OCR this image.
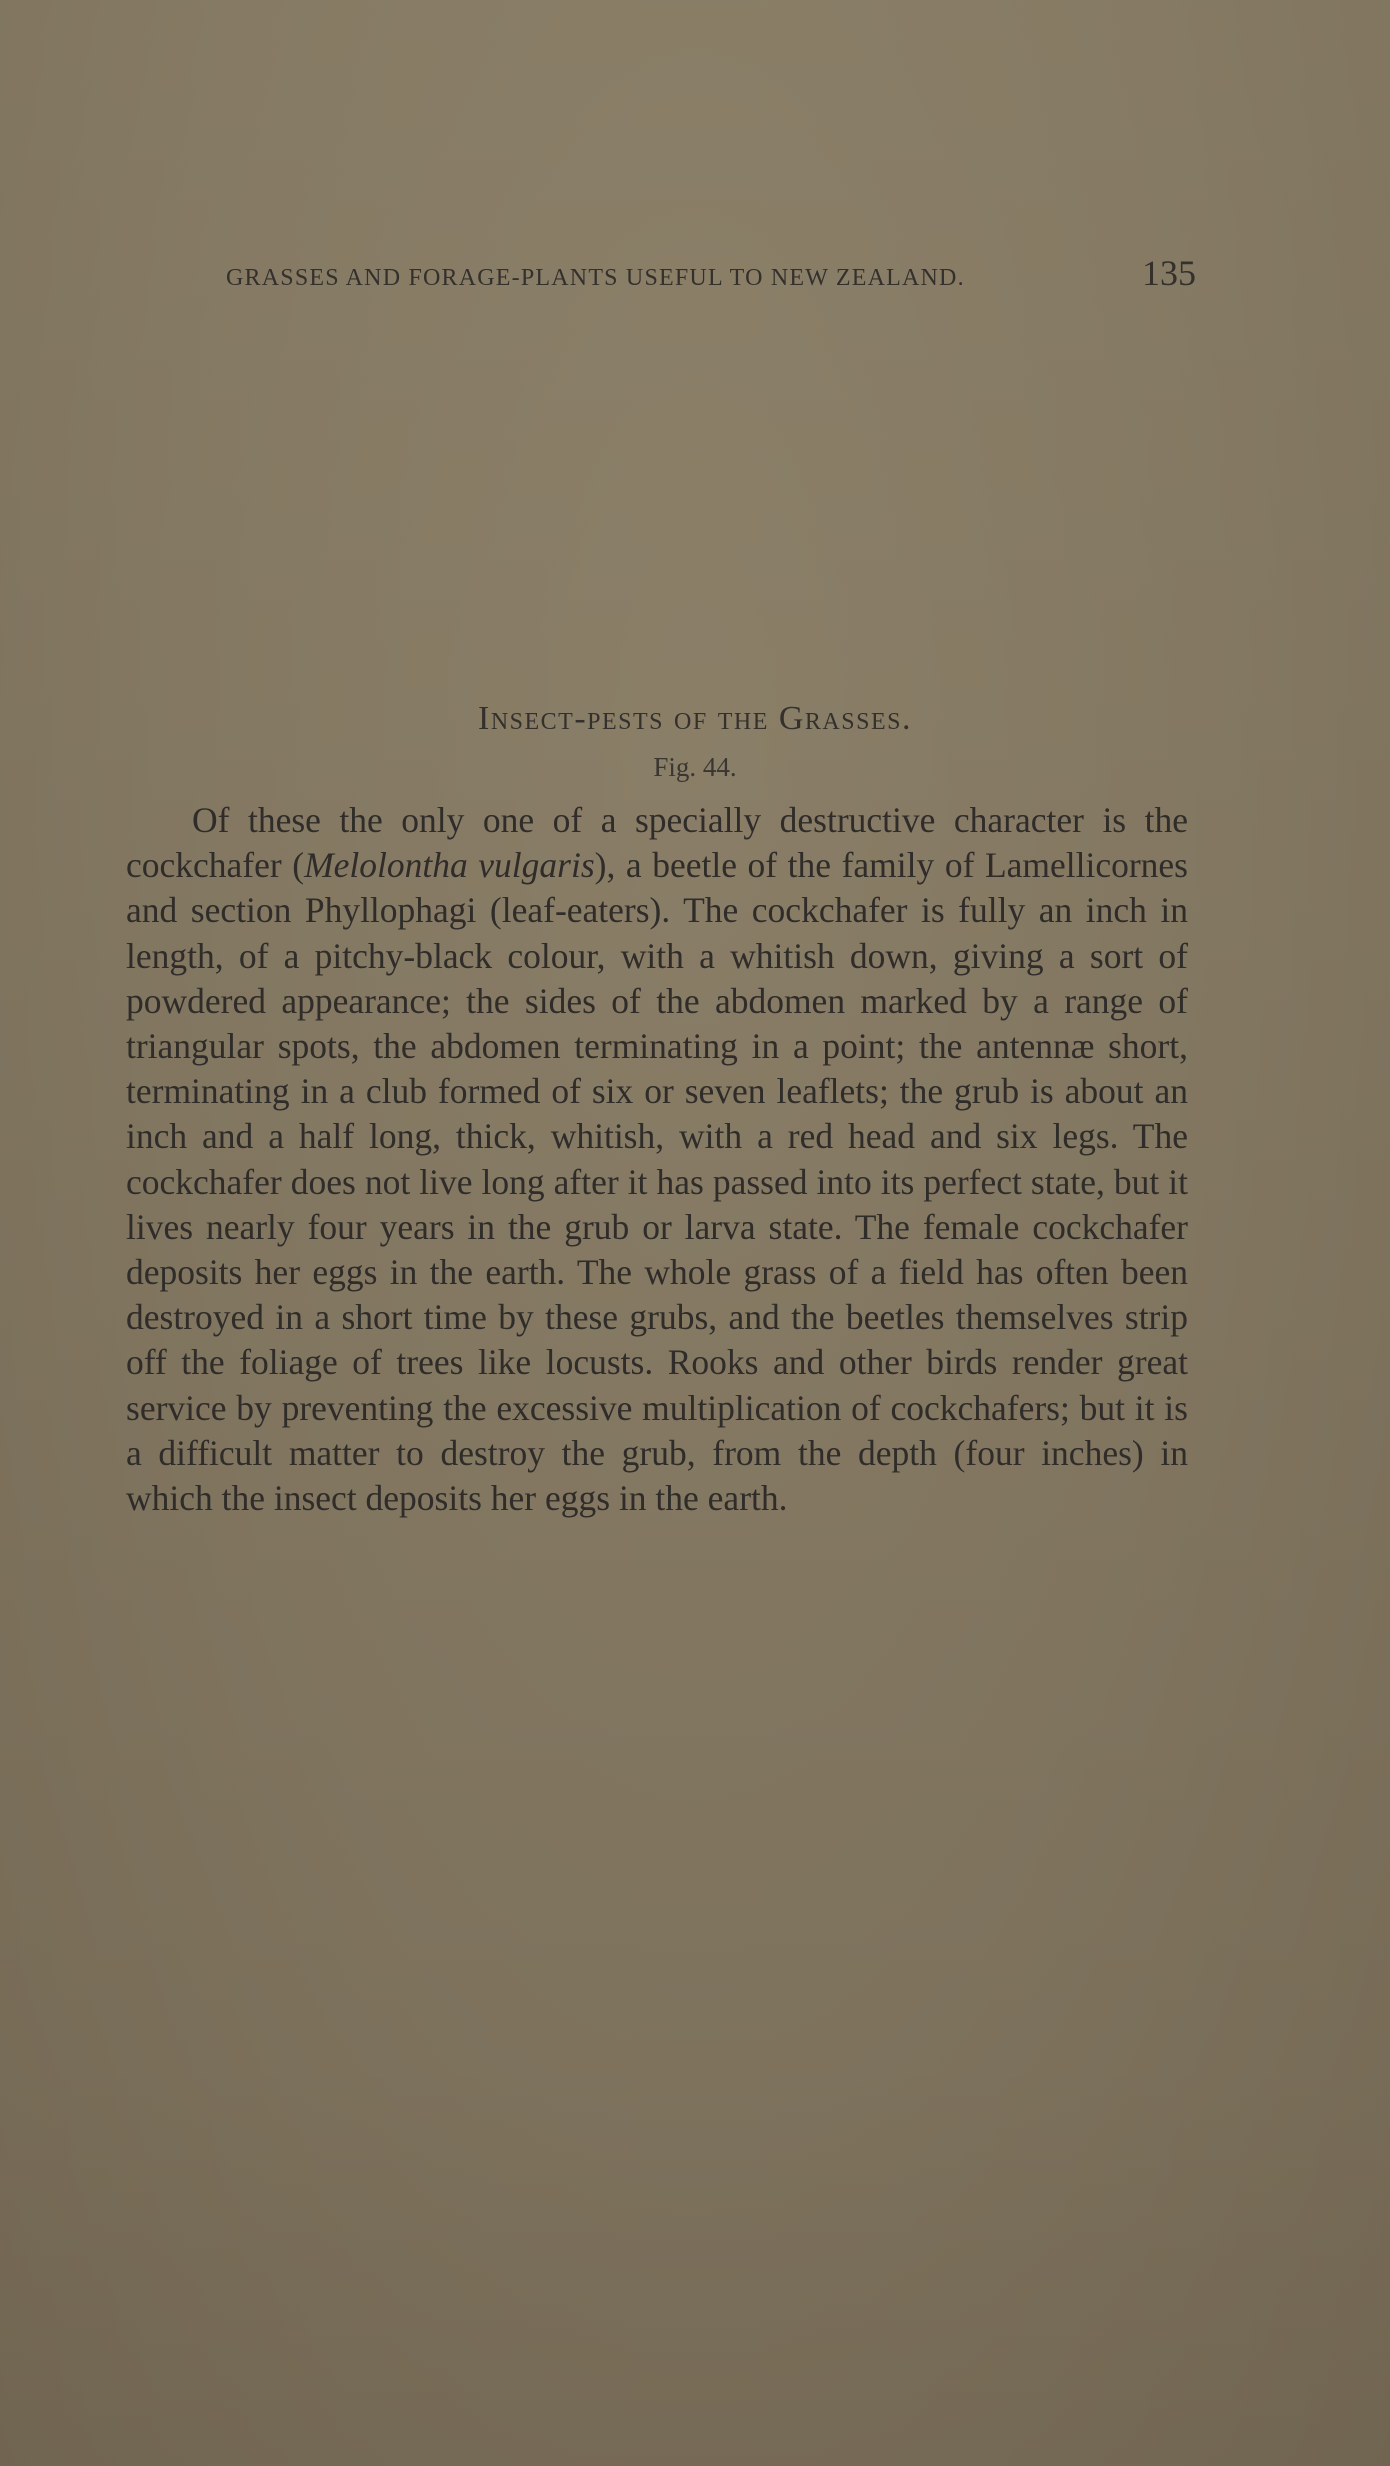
GRASSES AND FORAGE-PLANTS USEFUL TO NEW ZEALAND.	135
Insect-pests of the Grasses.
Fig. 44.

Of these the only one of a specially destructive character is the cockchafer (Melolontha vulgaris), a beetle of the family of Lamellicornes and section Phyllophagi (leaf-eaters). The cockchafer is fully an inch in length, of a pitchy-black colour, with a whitish down, giving a sort of powdered appearance; the sides of the abdomen marked by a range of triangular spots, the abdomen terminating in a point; the antennæ short, terminating in a club formed of six or seven leaflets; the grub is about an inch and a half long, thick, whitish, with a red head and six legs. The cockchafer does not live long after it has passed into its perfect state, but it lives nearly four years in the grub or larva state. The female cockchafer deposits her eggs in the earth. The whole grass of a field has often been destroyed in a short time by these grubs, and the beetles themselves strip off the foliage of trees like locusts. Rooks and other birds render great service by preventing the excessive multiplication of cockchafers; but it is a difficult matter to destroy the grub, from the depth (four inches) in which the insect deposits her eggs in the earth.
